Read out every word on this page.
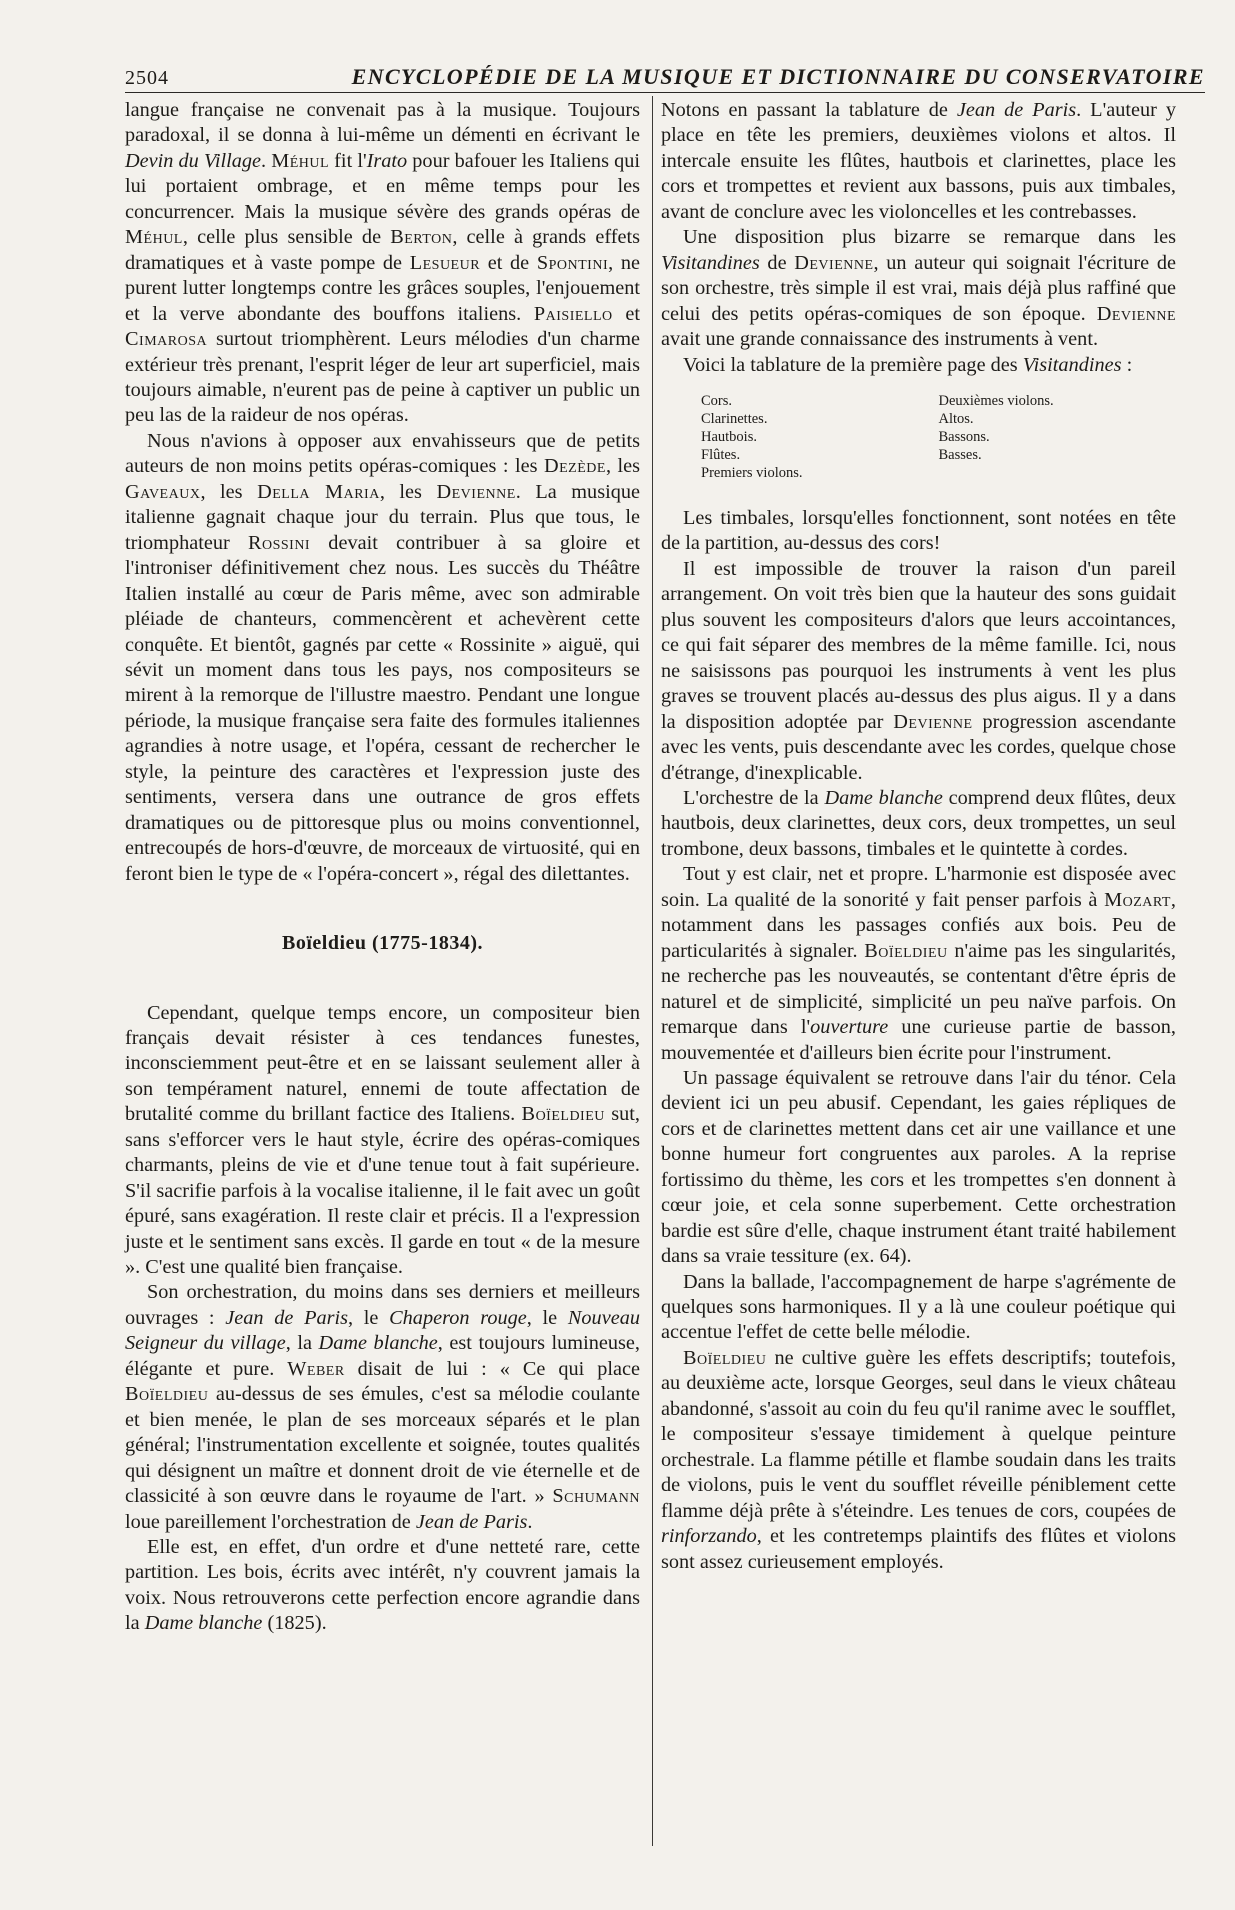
2504	ENCYCLOPÉDIE DE LA MUSIQUE ET DICTIONNAIRE DU CONSERVATOIRE

langue française ne convenait pas à la musique. Toujours paradoxal, il se donna à lui-même un démenti en écrivant le Devin du Village. Méhul fit l'Irato pour bafouer les Italiens qui lui portaient ombrage, et en même temps pour les concurrencer. Mais la musique sévère des grands opéras de Méhul, celle plus sensible de Berton, celle à grands effets dramatiques et à vaste pompe de Lesueur et de Spontini, ne purent lutter longtemps contre les grâces souples, l'enjouement et la verve abondante des bouffons italiens. Paisiello et Cimarosa surtout triomphèrent. Leurs mélodies d'un charme extérieur très prenant, l'esprit léger de leur art superficiel, mais toujours aimable, n'eurent pas de peine à captiver un public un peu las de la raideur de nos opéras.

Nous n'avions à opposer aux envahisseurs que de petits auteurs de non moins petits opéras-comiques : les Dezède, les Gaveaux, les Della Maria, les Devienne. La musique italienne gagnait chaque jour du terrain. Plus que tous, le triomphateur Rossini devait contribuer à sa gloire et l'introniser définitivement chez nous. Les succès du Théâtre Italien installé au cœur de Paris même, avec son admirable pléiade de chanteurs, commencèrent et achevèrent cette conquête. Et bientôt, gagnés par cette « Rossinite » aiguë, qui sévit un moment dans tous les pays, nos compositeurs se mirent à la remorque de l'illustre maestro. Pendant une longue période, la musique française sera faite des formules italiennes agrandies à notre usage, et l'opéra, cessant de rechercher le style, la peinture des caractères et l'expression juste des sentiments, versera dans une outrance de gros effets dramatiques ou de pittoresque plus ou moins conventionnel, entrecoupés de hors-d'œuvre, de morceaux de virtuosité, qui en feront bien le type de « l'opéra-concert », régal des dilettantes.

Boïeldieu (1775-1834).

Cependant, quelque temps encore, un compositeur bien français devait résister à ces tendances funestes, inconsciemment peut-être et en se laissant seulement aller à son tempérament naturel, ennemi de toute affectation de brutalité comme du brillant factice des Italiens. Boïeldieu sut, sans s'efforcer vers le haut style, écrire des opéras-comiques charmants, pleins de vie et d'une tenue tout à fait supérieure. S'il sacrifie parfois à la vocalise italienne, il le fait avec un goût épuré, sans exagération. Il reste clair et précis. Il a l'expression juste et le sentiment sans excès. Il garde en tout « de la mesure ». C'est une qualité bien française.

Son orchestration, du moins dans ses derniers et meilleurs ouvrages : Jean de Paris, le Chaperon rouge, le Nouveau Seigneur du village, la Dame blanche, est toujours lumineuse, élégante et pure. Weber disait de lui : « Ce qui place Boïeldieu au-dessus de ses émules, c'est sa mélodie coulante et bien menée, le plan de ses morceaux séparés et le plan général; l'instrumentation excellente et soignée, toutes qualités qui désignent un maître et donnent droit de vie éternelle et de classicité à son œuvre dans le royaume de l'art. » Schumann loue pareillement l'orchestration de Jean de Paris.

Elle est, en effet, d'un ordre et d'une netteté rare, cette partition. Les bois, écrits avec intérêt, n'y couvrent jamais la voix. Nous retrouverons cette perfection encore agrandie dans la Dame blanche (1825).

Notons en passant la tablature de Jean de Paris. L'auteur y place en tête les premiers, deuxièmes violons et altos. Il intercale ensuite les flûtes, hautbois et clarinettes, place les cors et trompettes et revient aux bassons, puis aux timbales, avant de conclure avec les violoncelles et les contrebasses.

Une disposition plus bizarre se remarque dans les Visitandines de Devienne, un auteur qui soignait l'écriture de son orchestre, très simple il est vrai, mais déjà plus raffiné que celui des petits opéras-comiques de son époque. Devienne avait une grande connaissance des instruments à vent.

Voici la tablature de la première page des Visitandines :

Cors.
Clarinettes.
Hautbois.
Flûtes.
Premiers violons.
Deuxièmes violons.
Altos.
Bassons.
Basses.

Les timbales, lorsqu'elles fonctionnent, sont notées en tête de la partition, au-dessus des cors!

Il est impossible de trouver la raison d'un pareil arrangement. On voit très bien que la hauteur des sons guidait plus souvent les compositeurs d'alors que leurs accointances, ce qui fait séparer des membres de la même famille. Ici, nous ne saisissons pas pourquoi les instruments à vent les plus graves se trouvent placés au-dessus des plus aigus. Il y a dans la disposition adoptée par Devienne progression ascendante avec les vents, puis descendante avec les cordes, quelque chose d'étrange, d'inexplicable.

L'orchestre de la Dame blanche comprend deux flûtes, deux hautbois, deux clarinettes, deux cors, deux trompettes, un seul trombone, deux bassons, timbales et le quintette à cordes.

Tout y est clair, net et propre. L'harmonie est disposée avec soin. La qualité de la sonorité y fait penser parfois à Mozart, notamment dans les passages confiés aux bois. Peu de particularités à signaler. Boïeldieu n'aime pas les singularités, ne recherche pas les nouveautés, se contentant d'être épris de naturel et de simplicité, simplicité un peu naïve parfois. On remarque dans l'ouverture une curieuse partie de basson, mouvementée et d'ailleurs bien écrite pour l'instrument.

Un passage équivalent se retrouve dans l'air du ténor. Cela devient ici un peu abusif. Cependant, les gaies répliques de cors et de clarinettes mettent dans cet air une vaillance et une bonne humeur fort congruentes aux paroles. A la reprise fortissimo du thème, les cors et les trompettes s'en donnent à cœur joie, et cela sonne superbement. Cette orchestration bardie est sûre d'elle, chaque instrument étant traité habilement dans sa vraie tessiture (ex. 64).

Dans la ballade, l'accompagnement de harpe s'agrémente de quelques sons harmoniques. Il y a là une couleur poétique qui accentue l'effet de cette belle mélodie.

Boïeldieu ne cultive guère les effets descriptifs; toutefois, au deuxième acte, lorsque Georges, seul dans le vieux château abandonné, s'assoit au coin du feu qu'il ranime avec le soufflet, le compositeur s'essaye timidement à quelque peinture orchestrale. La flamme pétille et flambe soudain dans les traits de violons, puis le vent du soufflet réveille péniblement cette flamme déjà prête à s'éteindre. Les tenues de cors, coupées de rinforzando, et les contretemps plaintifs des flûtes et violons sont assez curieusement employés.
